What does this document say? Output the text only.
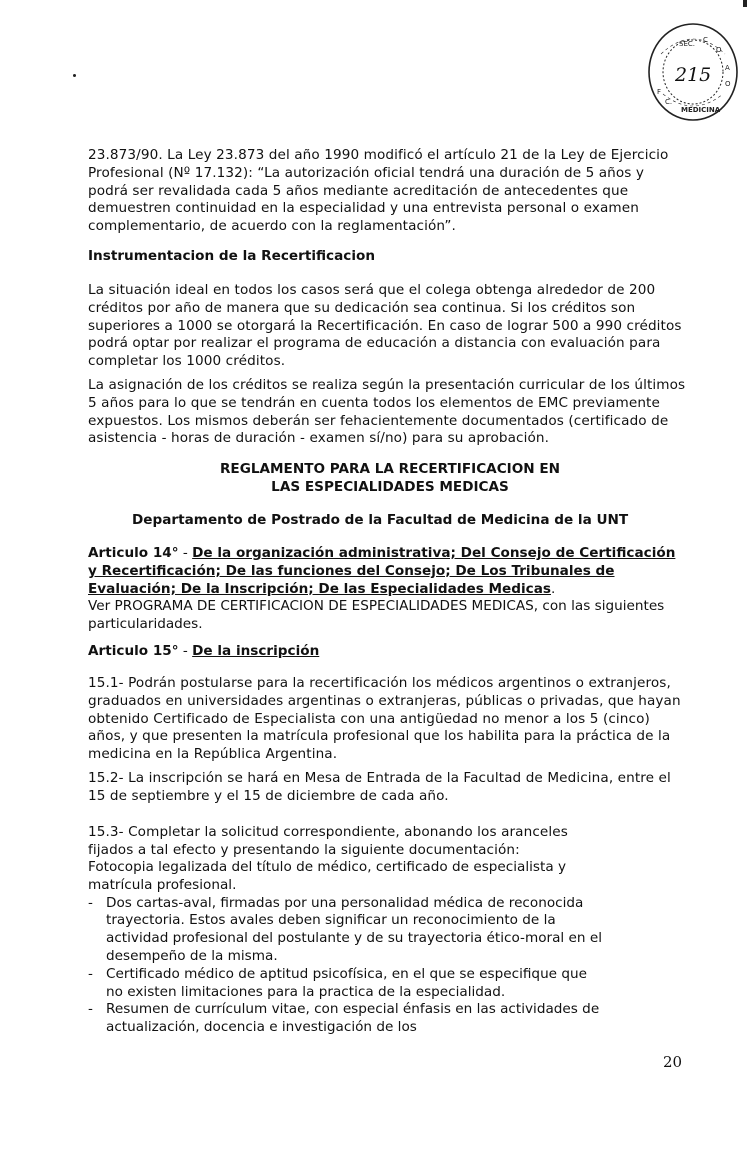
215
SEC. C
O
A
O
F
C.
MEDICINA

23.873/90. La Ley 23.873 del año 1990 modificó el artículo 21 de la Ley de Ejercicio Profesional (Nº 17.132): “La autorización oficial tendrá una duración de 5 años y podrá ser revalidada cada 5 años mediante acreditación de antecedentes que demuestren continuidad en la especialidad y una entrevista personal o examen complementario, de acuerdo con la reglamentación”.

Instrumentacion de la Recertificacion

La situación ideal en todos los casos será que el colega obtenga alrededor de 200 créditos por año de manera que su dedicación sea continua. Si los créditos son superiores a 1000 se otorgará la Recertificación. En caso de lograr 500 a 990 créditos podrá optar por realizar el programa de educación a distancia con evaluación para completar los 1000 créditos.

La asignación de los créditos se realiza según la presentación curricular de los últimos 5 años para lo que se tendrán en cuenta todos los elementos de EMC previamente expuestos. Los mismos deberán ser fehacientemente documentados (certificado de asistencia - horas de duración - examen sí/no) para su aprobación.

REGLAMENTO PARA LA RECERTIFICACION EN

LAS ESPECIALIDADES MEDICAS

Departamento de Postrado de la Facultad de Medicina de la UNT

Articulo 14° - De la organización administrativa; Del Consejo de Certificación y Recertificación; De las funciones del Consejo; De Los Tribunales de Evaluación; De la Inscripción; De las Especialidades Medicas.
Ver PROGRAMA DE CERTIFICACION DE ESPECIALIDADES MEDICAS, con las siguientes particularidades.

Articulo 15° - De la inscripción

15.1- Podrán postularse para la recertificación los médicos argentinos o extranjeros, graduados en universidades argentinas o extranjeras, públicas o privadas, que hayan obtenido Certificado de Especialista con una antigüedad no menor a los 5 (cinco) años, y que presenten la matrícula profesional que los habilita para la práctica de la medicina en la República Argentina.

15.2- La inscripción se hará en Mesa de Entrada de la Facultad de Medicina, entre el 15 de septiembre y el 15 de diciembre de cada año.

15.3- Completar la solicitud correspondiente, abonando los aranceles fijados a tal efecto y presentando la siguiente documentación:

Fotocopia legalizada del título de médico, certificado de especialista y matrícula profesional.
- Dos cartas-aval, firmadas por una personalidad médica de reconocida trayectoria. Estos avales deben significar un reconocimiento de la actividad profesional del postulante y de su trayectoria ético-moral en el desempeño de la misma.
- Certificado médico de aptitud psicofísica, en el que se especifique que no existen limitaciones para la practica de la especialidad.
- Resumen de currículum vitae, con especial énfasis en las actividades de actualización, docencia e investigación de los

20
